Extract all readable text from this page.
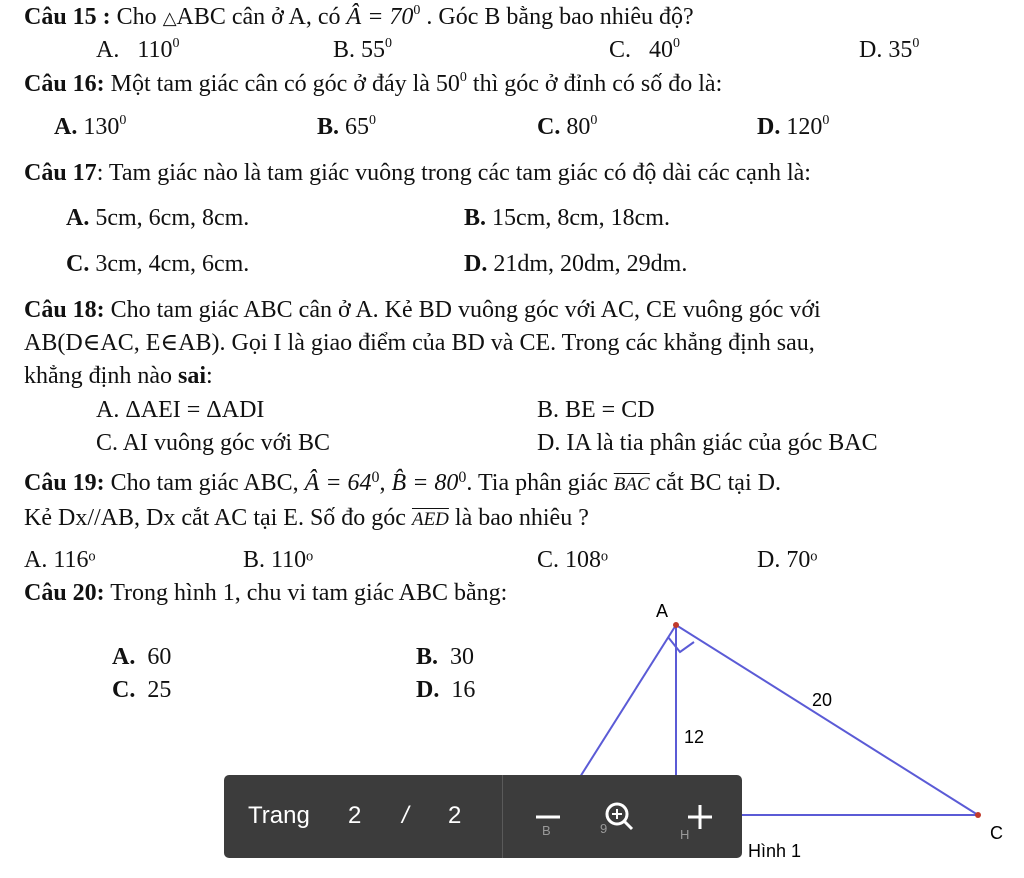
Câu 15 : Cho △ABC cân ở A, có Â = $70^0$ . Góc B bằng bao nhiêu độ?
A. $110^0$	B. $55^0$	C. $40^0$	D. $35^0$
Câu 16: Một tam giác cân có góc ở đáy là $50^0$ thì góc ở đỉnh có số đo là:
A. $130^0$	B. $65^0$	C. $80^0$	D. $120^0$
Câu 17: Tam giác nào là tam giác vuông trong các tam giác có độ dài các cạnh là:
A. 5cm, 6cm, 8cm.	B. 15cm, 8cm, 18cm.
C. 3cm, 4cm, 6cm.	D. 21dm, 20dm, 29dm.
Câu 18: Cho tam giác ABC cân ở A. Kẻ BD vuông góc với AC, CE vuông góc với
AB(D∈AC, E∈AB). Gọi I là giao điểm của BD và CE. Trong các khẳng định sau,
khẳng định nào sai:
A. ΔAEI = ΔADI	B. BE = CD
C. AI vuông góc với BC	D. IA là tia phân giác của góc BAC
Câu 19: Cho tam giác ABC, Â = $64^0$, B̂ = $80^0$. Tia phân giác $\overline{BAC}$ cắt BC tại D.
Kẻ Dx//AB, Dx cắt AC tại E. Số đo góc $\overline{AED}$ là bao nhiêu ?
A. 116ᵒ	B. 110ᵒ	C. 108ᵒ	D. 70ᵒ
Câu 20: Trong hình 1, chu vi tam giác ABC bằng:
A.  60	B.  30
C.  25	D.  16
A
C
20
12
Hình 1
Trang 2 / 2
B	9	H
